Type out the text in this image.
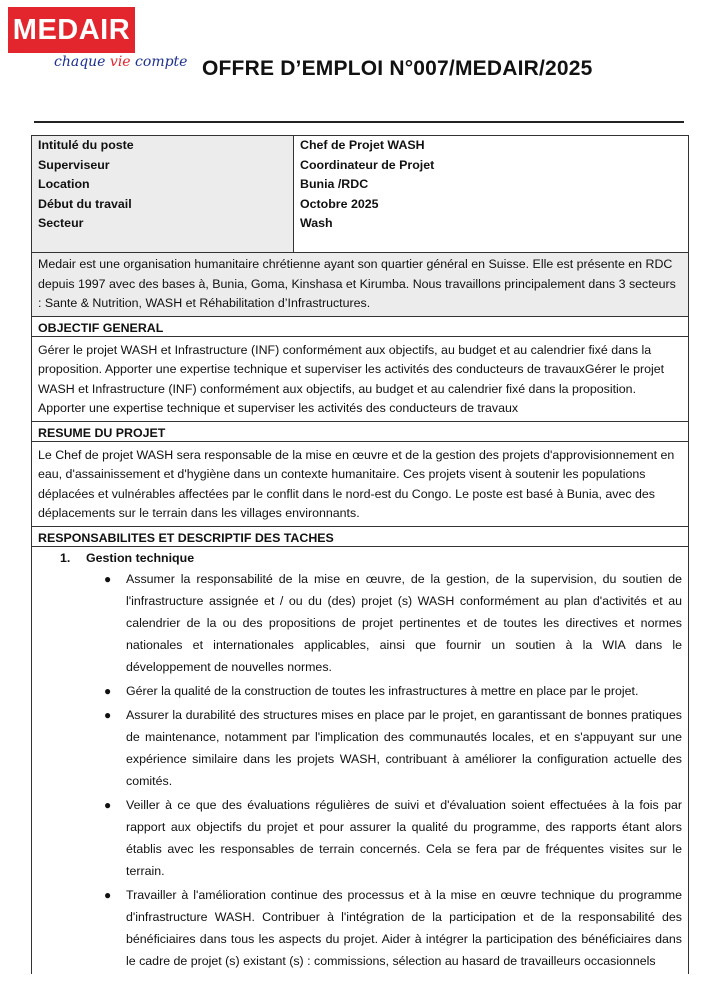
MEDAIR
chaque vie compte OFFRE D’EMPLOI N°007/MEDAIR/2025
Intitulé du poste
Superviseur
Location
Début du travail
Secteur
Chef de Projet WASH
Coordinateur de Projet
Bunia /RDC
Octobre 2025
Wash
Medair est une organisation humanitaire chrétienne ayant son quartier général en Suisse. Elle est présente en RDC depuis 1997 avec des bases à, Bunia, Goma, Kinshasa et Kirumba. Nous travaillons principalement dans 3 secteurs : Sante & Nutrition, WASH et Réhabilitation d’Infrastructures.
OBJECTIF GENERAL
Gérer le projet WASH et Infrastructure (INF) conformément aux objectifs, au budget et au calendrier fixé dans la proposition. Apporter une expertise technique et superviser les activités des conducteurs de travauxGérer le projet WASH et Infrastructure (INF) conformément aux objectifs, au budget et au calendrier fixé dans la proposition. Apporter une expertise technique et superviser les activités des conducteurs de travaux
RESUME DU PROJET
Le Chef de projet WASH sera responsable de la mise en œuvre et de la gestion des projets d'approvisionnement en eau, d'assainissement et d'hygiène dans un contexte humanitaire. Ces projets visent à soutenir les populations déplacées et vulnérables affectées par le conflit dans le nord-est du Congo. Le poste est basé à Bunia, avec des déplacements sur le terrain dans les villages environnants.
RESPONSABILITES ET DESCRIPTIF DES TACHES
1. Gestion technique
● Assumer la responsabilité de la mise en œuvre, de la gestion, de la supervision, du soutien de l'infrastructure assignée et / ou du (des) projet (s) WASH conformément au plan d'activités et au calendrier de la ou des propositions de projet pertinentes et de toutes les directives et normes nationales et internationales applicables, ainsi que fournir un soutien à la WIA dans le développement de nouvelles normes.
● Gérer la qualité de la construction de toutes les infrastructures à mettre en place par le projet.
● Assurer la durabilité des structures mises en place par le projet, en garantissant de bonnes pratiques de maintenance, notamment par l'implication des communautés locales, et en s'appuyant sur une expérience similaire dans les projets WASH, contribuant à améliorer la configuration actuelle des comités.
● Veiller à ce que des évaluations régulières de suivi et d'évaluation soient effectuées à la fois par rapport aux objectifs du projet et pour assurer la qualité du programme, des rapports étant alors établis avec les responsables de terrain concernés. Cela se fera par de fréquentes visites sur le terrain.
● Travailler à l'amélioration continue des processus et à la mise en œuvre technique du programme d'infrastructure WASH. Contribuer à l'intégration de la participation et de la responsabilité des bénéficiaires dans tous les aspects du projet. Aider à intégrer la participation des bénéficiaires dans le cadre de projet (s) existant (s) : commissions, sélection au hasard de travailleurs occasionnels
